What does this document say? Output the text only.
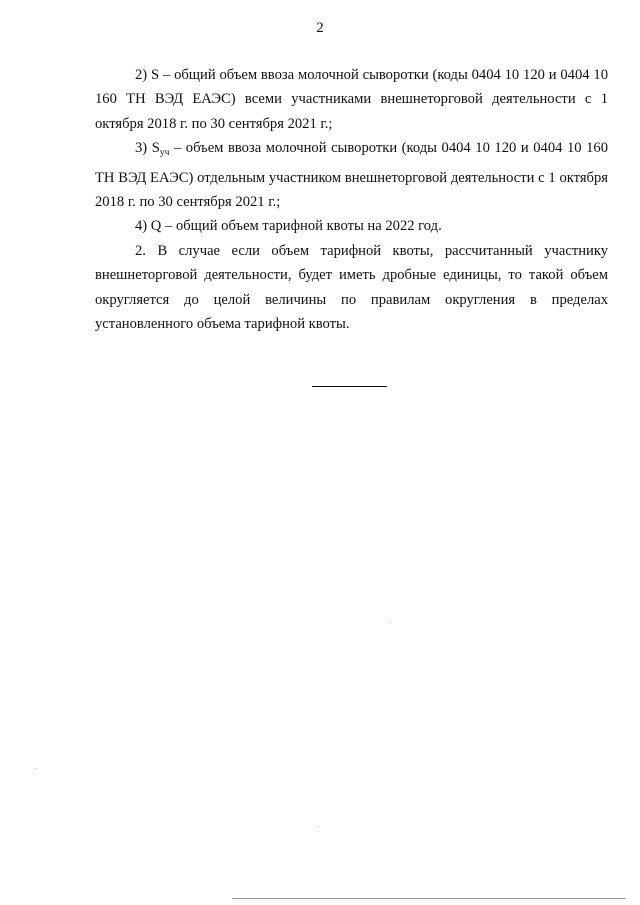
2

2) S – общий объем ввоза молочной сыворотки (коды 0404 10 120 и 0404 10 160 ТН ВЭД ЕАЭС) всеми участниками внешнеторговой деятельности с 1 октября 2018 г. по 30 сентября 2021 г.;

3) $S_{уч}$ – объем ввоза молочной сыворотки (коды 0404 10 120 и 0404 10 160 ТН ВЭД ЕАЭС) отдельным участником внешнеторговой деятельности с 1 октября 2018 г. по 30 сентября 2021 г.;

4) Q – общий объем тарифной квоты на 2022 год.

2. В случае если объем тарифной квоты, рассчитанный участнику внешнеторговой деятельности, будет иметь дробные единицы, то такой объем округляется до целой величины по правилам округления в пределах установленного объема тарифной квоты.
